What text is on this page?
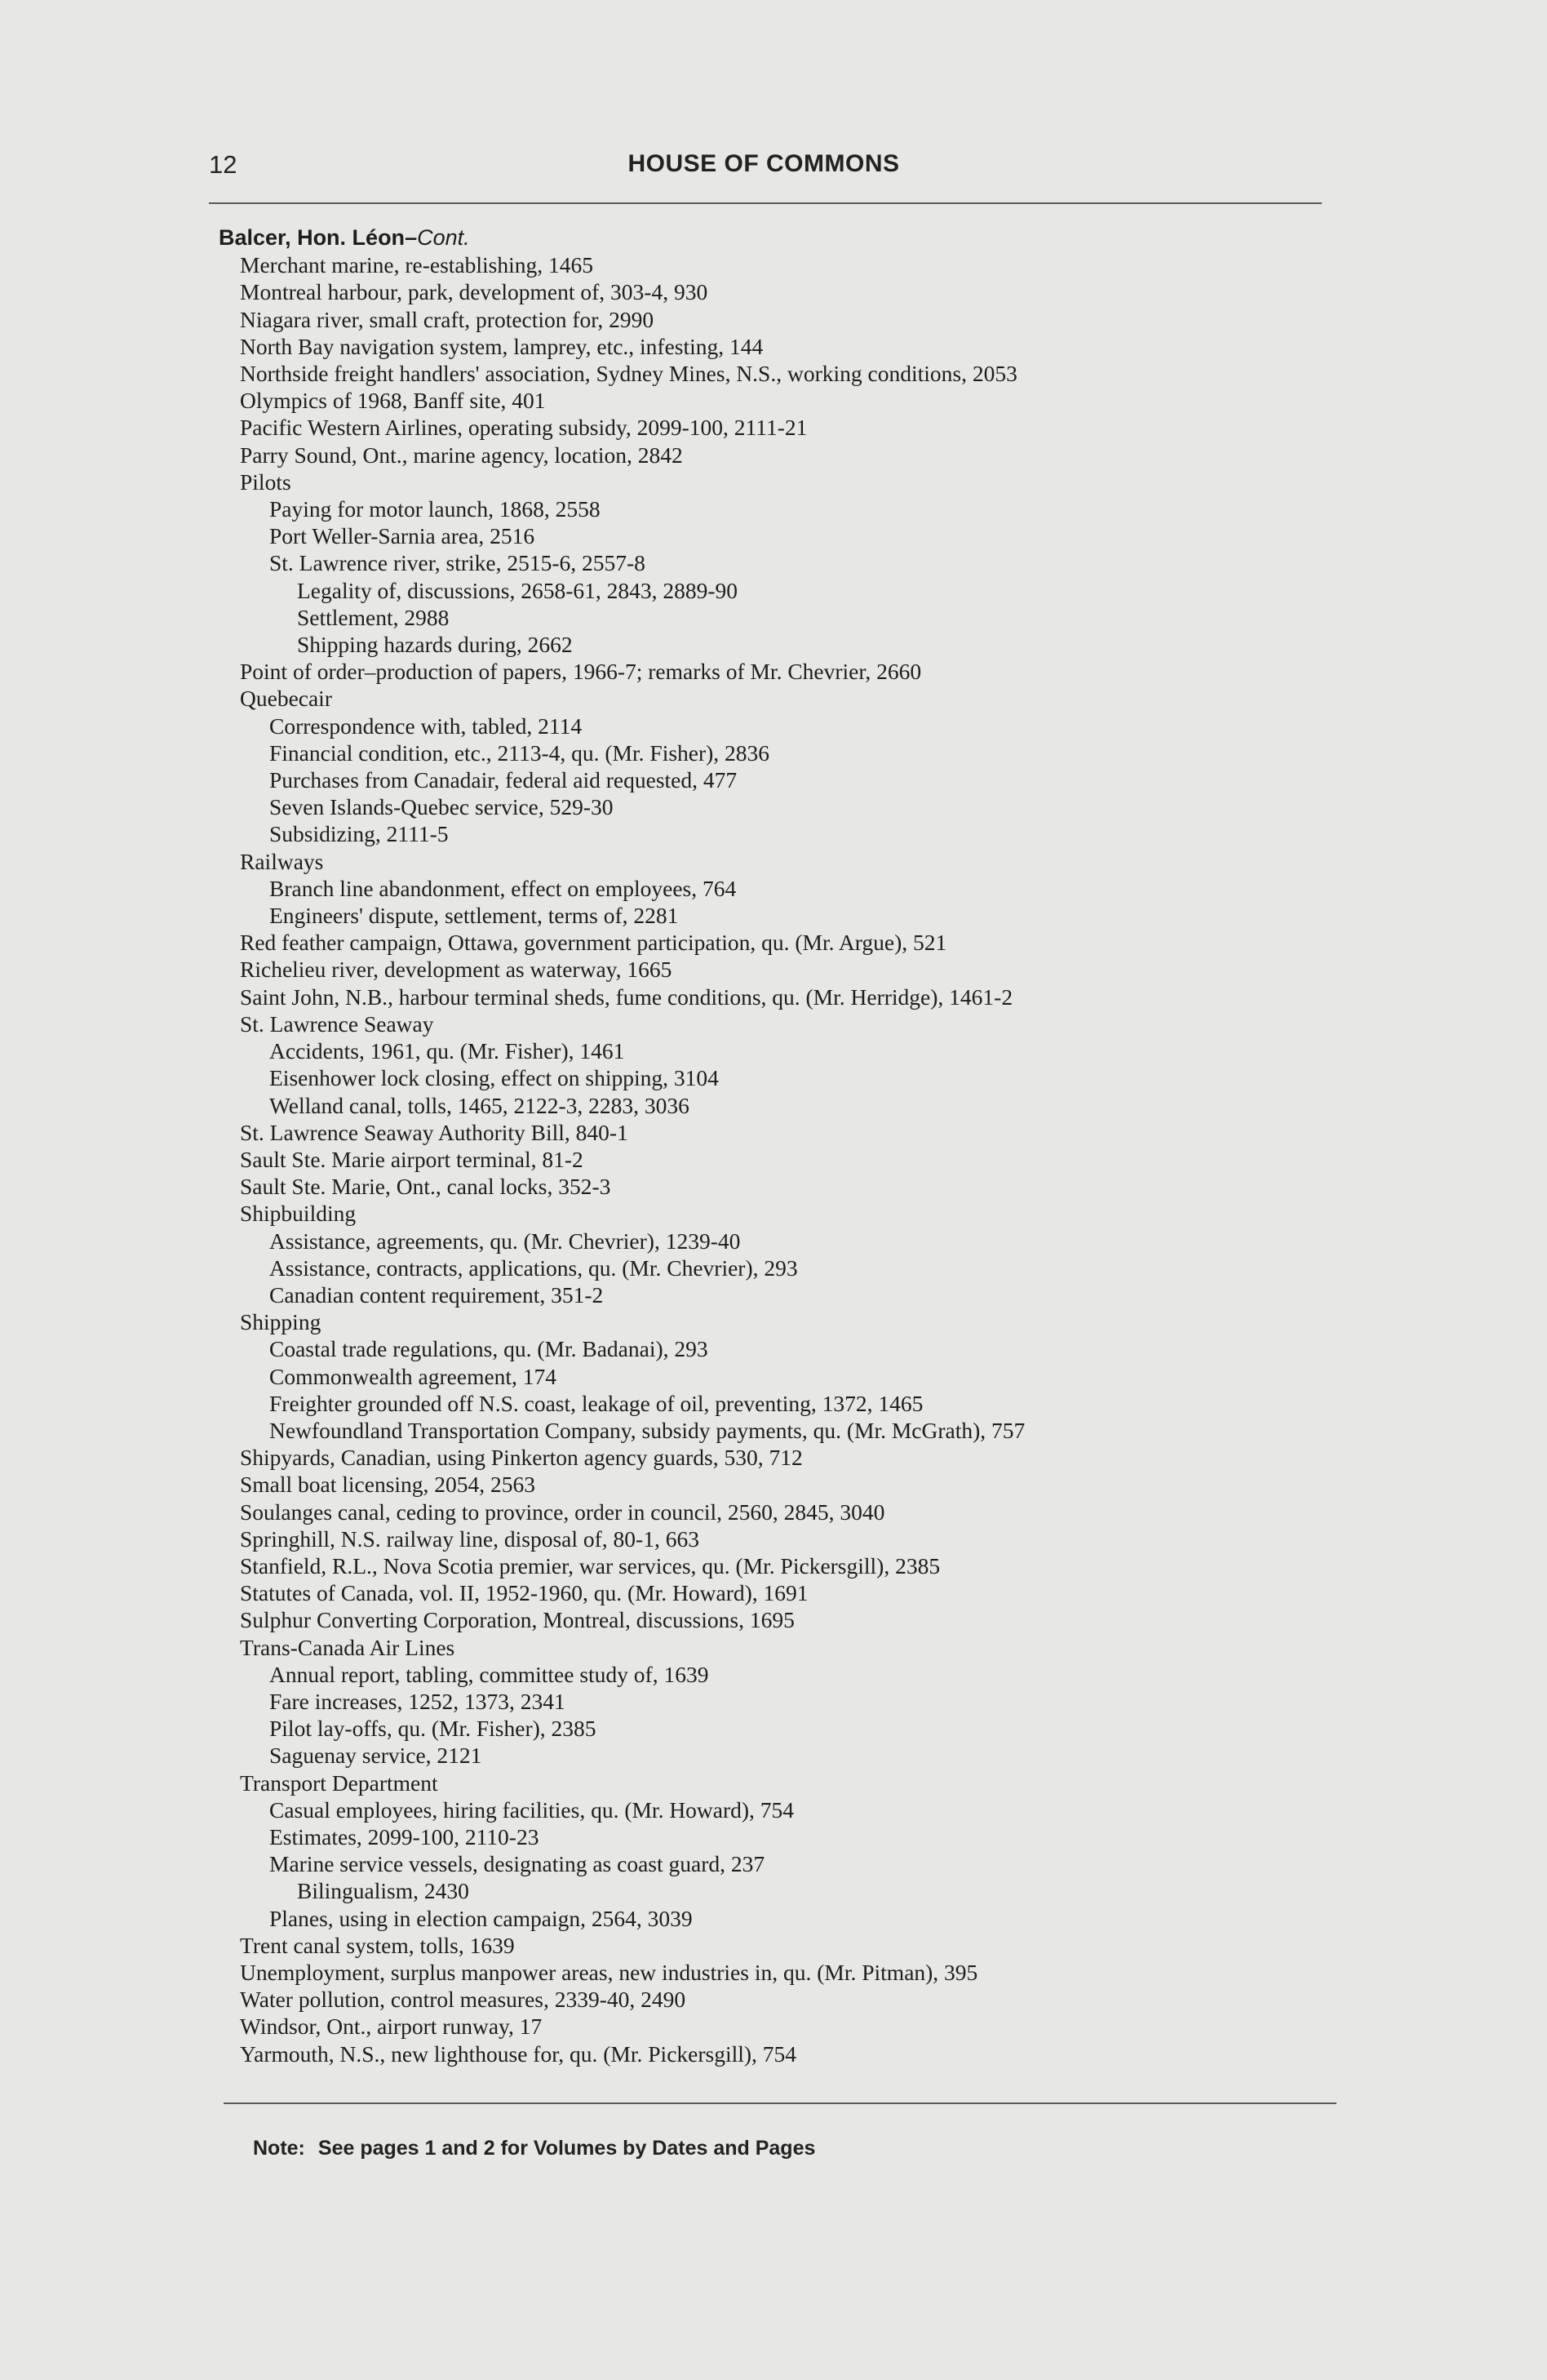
12	HOUSE OF COMMONS
Balcer, Hon. Léon–Cont.
Merchant marine, re-establishing, 1465
Montreal harbour, park, development of, 303-4, 930
Niagara river, small craft, protection for, 2990
North Bay navigation system, lamprey, etc., infesting, 144
Northside freight handlers' association, Sydney Mines, N.S., working conditions, 2053
Olympics of 1968, Banff site, 401
Pacific Western Airlines, operating subsidy, 2099-100, 2111-21
Parry Sound, Ont., marine agency, location, 2842
Pilots
Paying for motor launch, 1868, 2558
Port Weller-Sarnia area, 2516
St. Lawrence river, strike, 2515-6, 2557-8
Legality of, discussions, 2658-61, 2843, 2889-90
Settlement, 2988
Shipping hazards during, 2662
Point of order–production of papers, 1966-7; remarks of Mr. Chevrier, 2660
Quebecair
Correspondence with, tabled, 2114
Financial condition, etc., 2113-4, qu. (Mr. Fisher), 2836
Purchases from Canadair, federal aid requested, 477
Seven Islands-Quebec service, 529-30
Subsidizing, 2111-5
Railways
Branch line abandonment, effect on employees, 764
Engineers' dispute, settlement, terms of, 2281
Red feather campaign, Ottawa, government participation, qu. (Mr. Argue), 521
Richelieu river, development as waterway, 1665
Saint John, N.B., harbour terminal sheds, fume conditions, qu. (Mr. Herridge), 1461-2
St. Lawrence Seaway
Accidents, 1961, qu. (Mr. Fisher), 1461
Eisenhower lock closing, effect on shipping, 3104
Welland canal, tolls, 1465, 2122-3, 2283, 3036
St. Lawrence Seaway Authority Bill, 840-1
Sault Ste. Marie airport terminal, 81-2
Sault Ste. Marie, Ont., canal locks, 352-3
Shipbuilding
Assistance, agreements, qu. (Mr. Chevrier), 1239-40
Assistance, contracts, applications, qu. (Mr. Chevrier), 293
Canadian content requirement, 351-2
Shipping
Coastal trade regulations, qu. (Mr. Badanai), 293
Commonwealth agreement, 174
Freighter grounded off N.S. coast, leakage of oil, preventing, 1372, 1465
Newfoundland Transportation Company, subsidy payments, qu. (Mr. McGrath), 757
Shipyards, Canadian, using Pinkerton agency guards, 530, 712
Small boat licensing, 2054, 2563
Soulanges canal, ceding to province, order in council, 2560, 2845, 3040
Springhill, N.S. railway line, disposal of, 80-1, 663
Stanfield, R.L., Nova Scotia premier, war services, qu. (Mr. Pickersgill), 2385
Statutes of Canada, vol. II, 1952-1960, qu. (Mr. Howard), 1691
Sulphur Converting Corporation, Montreal, discussions, 1695
Trans-Canada Air Lines
Annual report, tabling, committee study of, 1639
Fare increases, 1252, 1373, 2341
Pilot lay-offs, qu. (Mr. Fisher), 2385
Saguenay service, 2121
Transport Department
Casual employees, hiring facilities, qu. (Mr. Howard), 754
Estimates, 2099-100, 2110-23
Marine service vessels, designating as coast guard, 237
Bilingualism, 2430
Planes, using in election campaign, 2564, 3039
Trent canal system, tolls, 1639
Unemployment, surplus manpower areas, new industries in, qu. (Mr. Pitman), 395
Water pollution, control measures, 2339-40, 2490
Windsor, Ont., airport runway, 17
Yarmouth, N.S., new lighthouse for, qu. (Mr. Pickersgill), 754
Note: See pages 1 and 2 for Volumes by Dates and Pages
